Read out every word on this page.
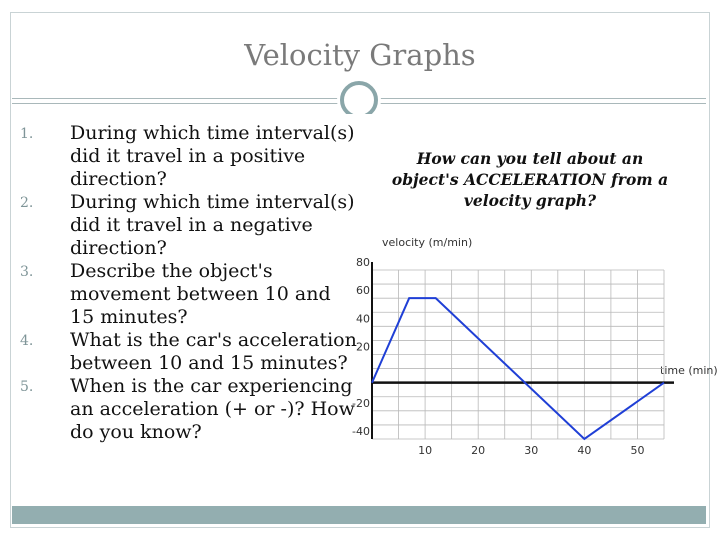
Velocity Graphs
1.	During which time interval(s) did it travel in a positive direction?
2.	During which time interval(s) did it travel in a negative direction?
3.	Describe the object's movement between 10 and 15 minutes?
4.	What is the car's acceleration between 10 and 15 minutes?
5.	When is the car experiencing an acceleration (+ or -)? How do you know?
How can you tell about an object's ACCELERATION from a velocity graph?
velocity (m/min)
time (min)
80
60
40
20
-20
-40
10	20	30	40	50
